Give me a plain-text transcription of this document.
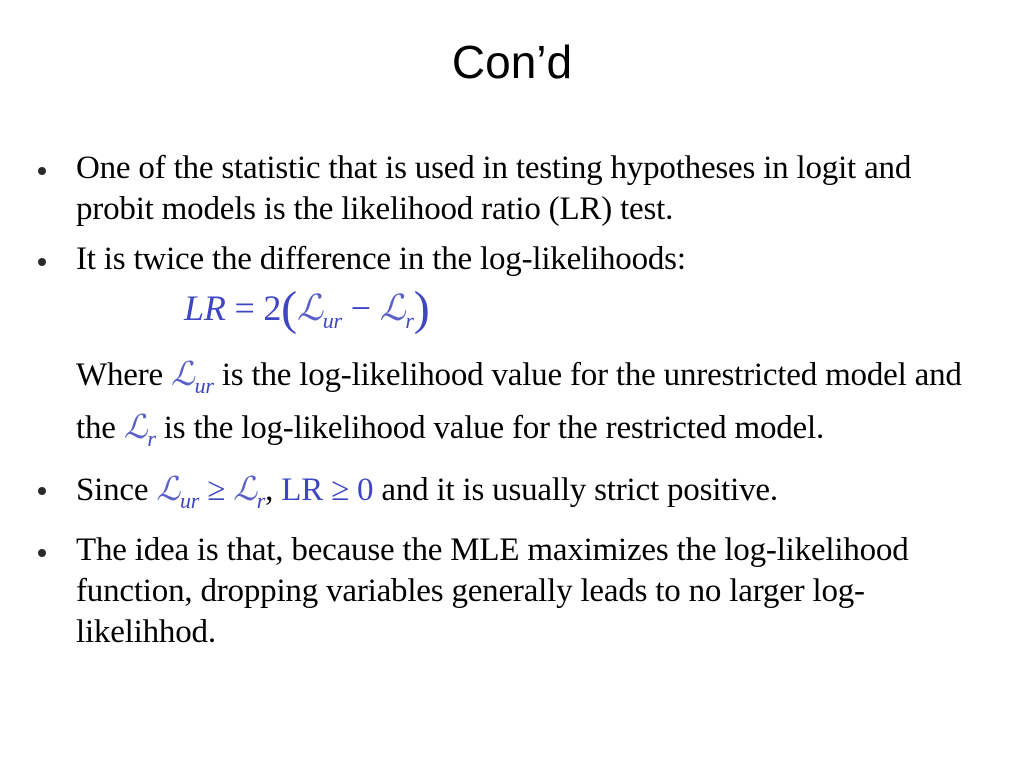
Con’d
One of the statistic that is used in testing hypotheses in logit and probit models is the likelihood ratio (LR) test.
It is twice the difference in the log-likelihoods:
LR = 2(ℒ$_{ur}$ − ℒ$_r$)
Where ℒ$_{ur}$ is the log-likelihood value for the unrestricted model and the ℒ$_r$ is the log-likelihood value for the restricted model.
Since ℒ$_{ur}$ ≥ ℒ$_r$, LR ≥ 0 and it is usually strict positive.
The idea is that, because the MLE maximizes the log-likelihood function, dropping variables generally leads to no larger log-likelihhod.
